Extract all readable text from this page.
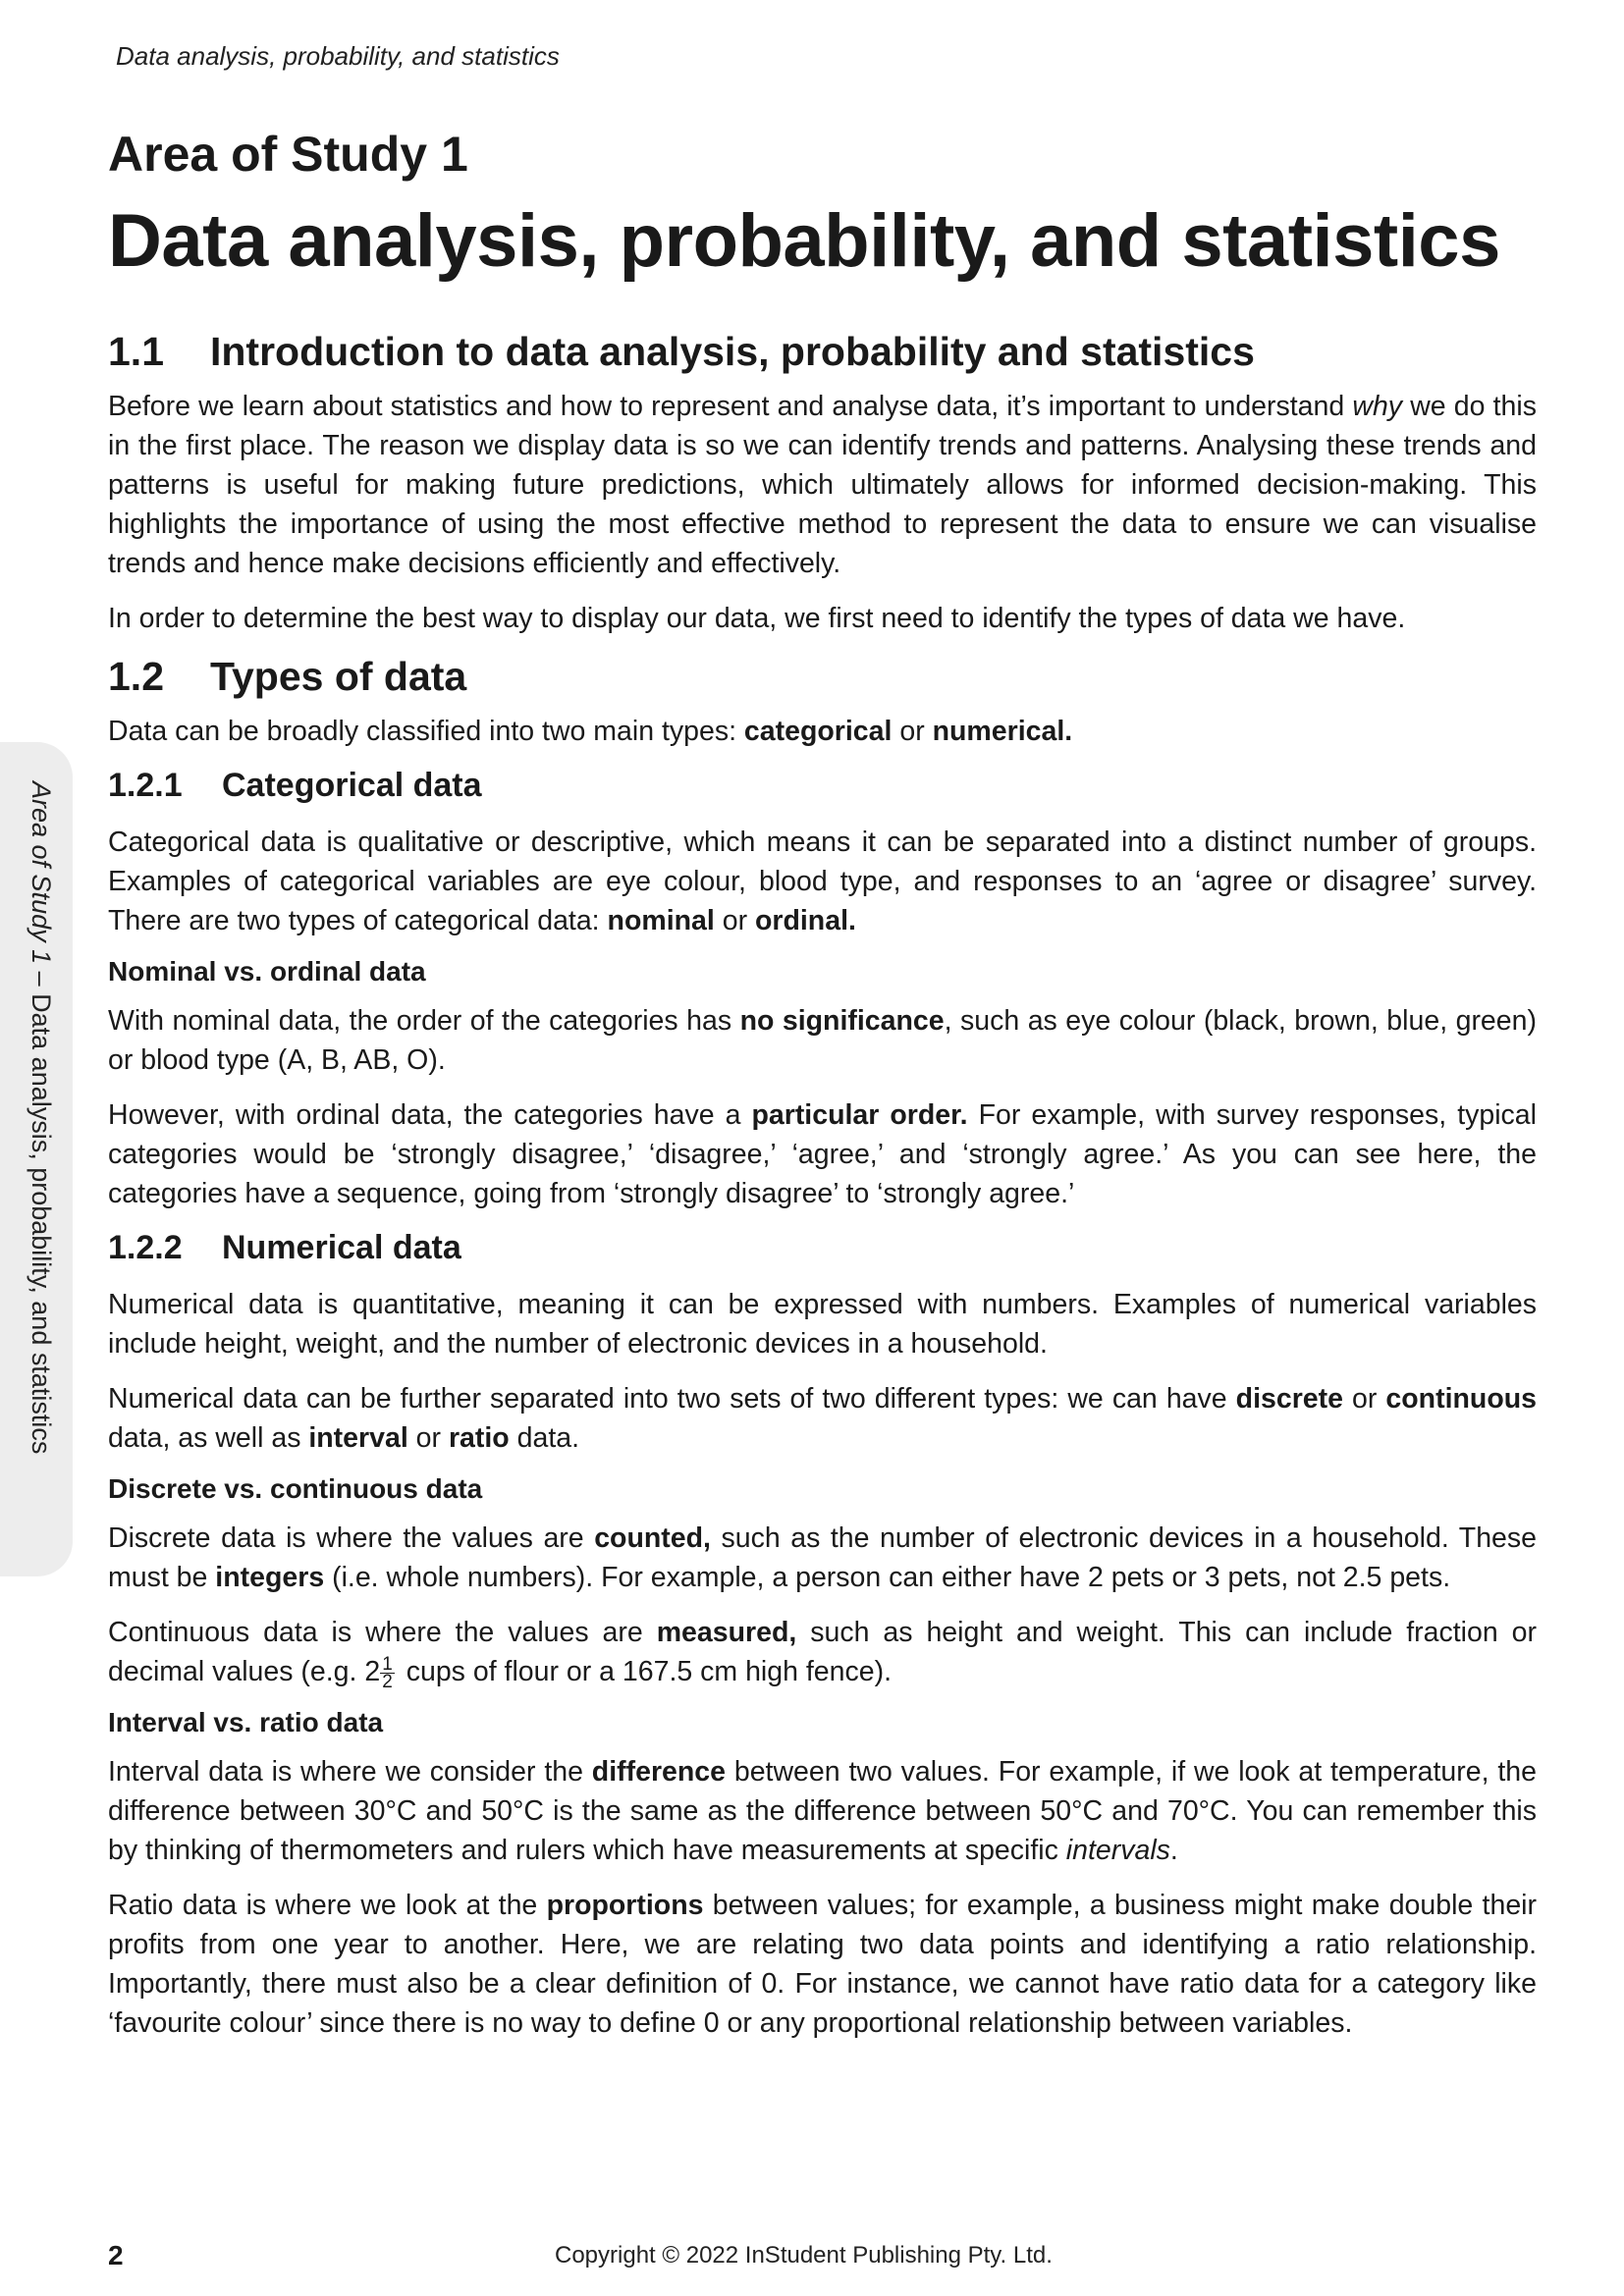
Data analysis, probability, and statistics
Area of Study 1 – Data analysis, probability, and statistics
Area of Study 1
Data analysis, probability, and statistics
1.1	Introduction to data analysis, probability and statistics

Before we learn about statistics and how to represent and analyse data, it’s important to understand why we do this in the first place. The reason we display data is so we can identify trends and patterns. Analysing these trends and patterns is useful for making future predictions, which ultimately allows for informed decision-making. This highlights the importance of using the most effective method to represent the data to ensure we can visualise trends and hence make decisions efficiently and effectively.

In order to determine the best way to display our data, we first need to identify the types of data we have.

1.2	Types of data

Data can be broadly classified into two main types: categorical or numerical.

1.2.1	Categorical data

Categorical data is qualitative or descriptive, which means it can be separated into a distinct number of groups. Examples of categorical variables are eye colour, blood type, and responses to an ‘agree or disagree’ survey. There are two types of categorical data: nominal or ordinal.

Nominal vs. ordinal data

With nominal data, the order of the categories has no significance, such as eye colour (black, brown, blue, green) or blood type (A, B, AB, O).

However, with ordinal data, the categories have a particular order. For example, with survey responses, typical categories would be ‘strongly disagree,’ ‘disagree,’ ‘agree,’ and ‘strongly agree.’ As you can see here, the categories have a sequence, going from ‘strongly disagree’ to ‘strongly agree.’

1.2.2	Numerical data

Numerical data is quantitative, meaning it can be expressed with numbers. Examples of numerical variables include height, weight, and the number of electronic devices in a household.

Numerical data can be further separated into two sets of two different types: we can have discrete or continuous data, as well as interval or ratio data.

Discrete vs. continuous data

Discrete data is where the values are counted, such as the number of electronic devices in a household. These must be integers (i.e. whole numbers). For example, a person can either have 2 pets or 3 pets, not 2.5 pets.

Continuous data is where the values are measured, such as height and weight. This can include fraction or decimal values (e.g. $2 \frac{1}{2}$ cups of flour or a 167.5 cm high fence).

Interval vs. ratio data

Interval data is where we consider the difference between two values. For example, if we look at temperature, the difference between 30°C and 50°C is the same as the difference between 50°C and 70°C. You can remember this by thinking of thermometers and rulers which have measurements at specific intervals.

Ratio data is where we look at the proportions between values; for example, a business might make double their profits from one year to another. Here, we are relating two data points and identifying a ratio relationship. Importantly, there must also be a clear definition of 0. For instance, we cannot have ratio data for a category like ‘favourite colour’ since there is no way to define 0 or any proportional relationship between variables.

2	Copyright © 2022 InStudent Publishing Pty. Ltd.
